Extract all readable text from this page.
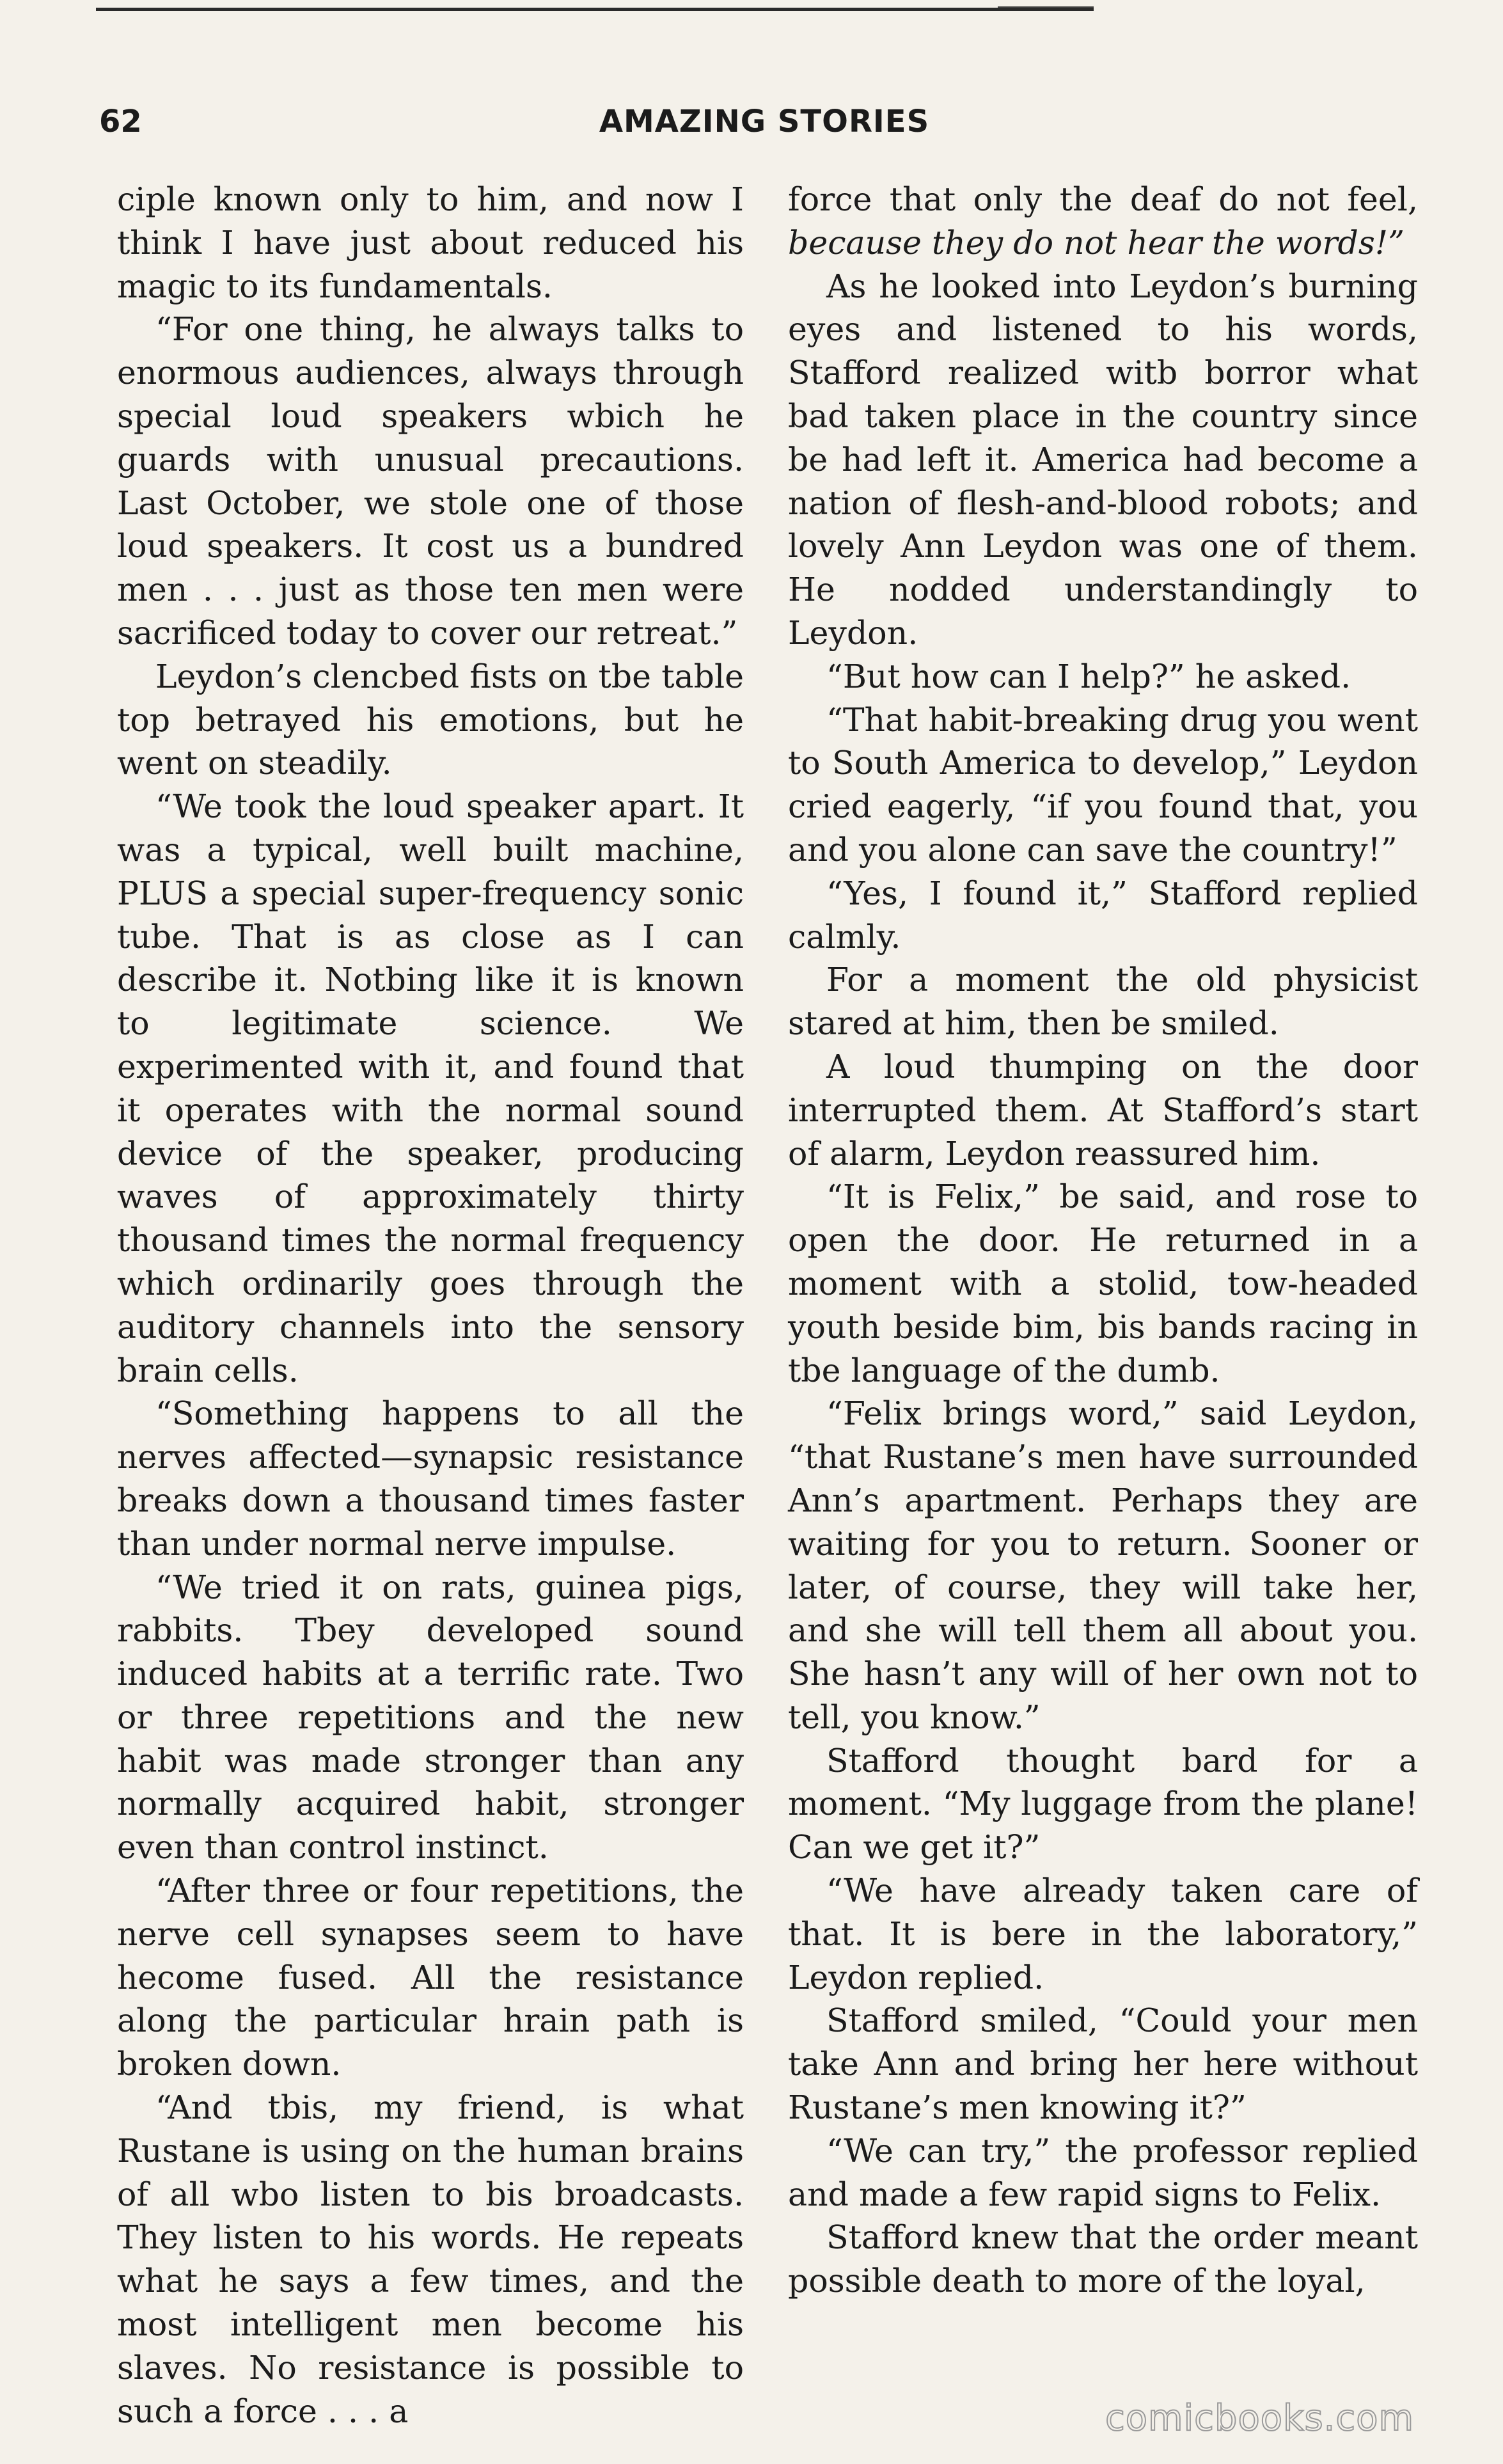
62	AMAZING STORIES

ciple known only to him, and now I think I have just about reduced his magic to its fundamentals.

“For one thing, he always talks to enormous audiences, always through special loud speakers wbich he guards with unusual precautions. Last October, we stole one of those loud speakers. It cost us a bundred men . . . just as those ten men were sacrificed today to cover our retreat.”

Leydon’s clencbed fists on tbe table top betrayed his emotions, but he went on steadily.

“We took the loud speaker apart. It was a typical, well built machine, PLUS a special super-frequency sonic tube. That is as close as I can describe it. Notbing like it is known to legitimate science. We experimented with it, and found that it operates with the normal sound device of the speaker, producing waves of approximately thirty thousand times the normal frequency which ordinarily goes through the auditory channels into the sensory brain cells.

“Something happens to all the nerves affected—synapsic resistance breaks down a thousand times faster than under normal nerve impulse.

“We tried it on rats, guinea pigs, rabbits. Tbey developed sound induced habits at a terrific rate. Two or three repetitions and the new habit was made stronger than any normally acquired habit, stronger even than control instinct.

“After three or four repetitions, the nerve cell synapses seem to have hecome fused. All the resistance along the particular hrain path is broken down.

“And tbis, my friend, is what Rustane is using on the human brains of all wbo listen to bis broadcasts. They listen to his words. He repeats what he says a few times, and the most intelligent men become his slaves. No resistance is possible to such a force . . . a

force that only the deaf do not feel, because they do not hear the words!”

As he looked into Leydon’s burning eyes and listened to his words, Stafford realized witb borror what bad taken place in the country since be had left it. America had become a nation of flesh-and-blood robots; and lovely Ann Leydon was one of them. He nodded understandingly to Leydon.

“But how can I help?” he asked.

“That habit-breaking drug you went to South America to develop,” Leydon cried eagerly, “if you found that, you and you alone can save the country!”

“Yes, I found it,” Stafford replied calmly.

For a moment the old physicist stared at him, then be smiled.

A loud thumping on the door interrupted them. At Stafford’s start of alarm, Leydon reassured him.

“It is Felix,” be said, and rose to open the door. He returned in a moment with a stolid, tow-headed youth beside bim, bis bands racing in tbe language of the dumb.

“Felix brings word,” said Leydon, “that Rustane’s men have surrounded Ann’s apartment. Perhaps they are waiting for you to return. Sooner or later, of course, they will take her, and she will tell them all about you. She hasn’t any will of her own not to tell, you know.”

Stafford thought bard for a moment. “My luggage from the plane! Can we get it?”

“We have already taken care of that. It is bere in the laboratory,” Leydon replied.

Stafford smiled, “Could your men take Ann and bring her here without Rustane’s men knowing it?”

“We can try,” the professor replied and made a few rapid signs to Felix.

Stafford knew that the order meant possible death to more of the loyal,

comicbooks.com
